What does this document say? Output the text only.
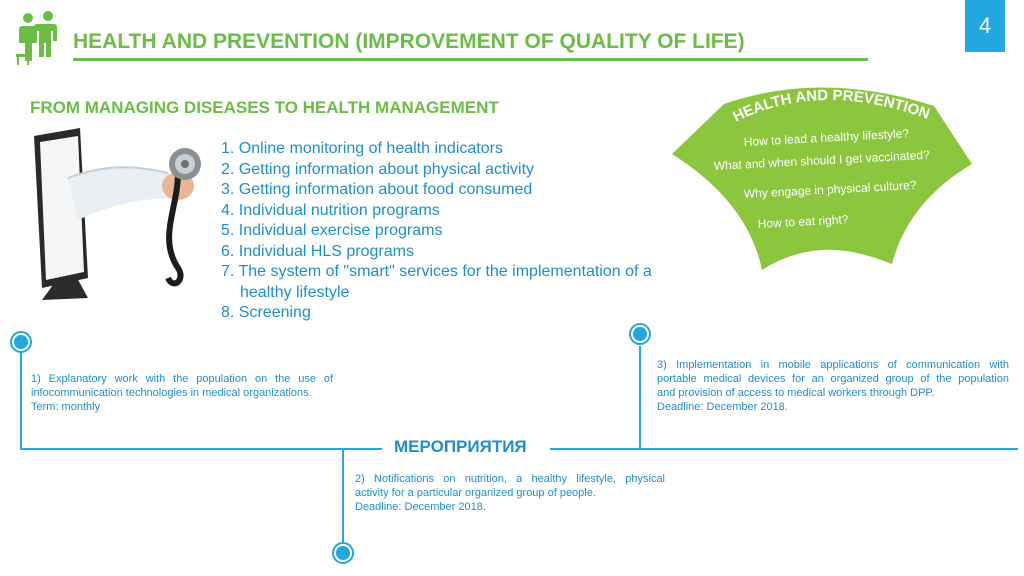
HEALTH AND PREVENTION (IMPROVEMENT OF QUALITY OF LIFE)
4
FROM MANAGING DISEASES TO HEALTH MANAGEMENT
1. Online monitoring of health indicators
2. Getting information about physical activity
3. Getting information about food consumed
4. Individual nutrition programs
5. Individual exercise programs
6. Individual HLS programs
7. The system of "smart" services for the implementation of a healthy lifestyle
8. Screening
HEALTH AND PREVENTION
How to lead a healthy lifestyle?
What and when should I get vaccinated?
Why engage in physical culture?
How to eat right?
МЕРОПРИЯТИЯ
1) Explanatory work with the population on the use of
infocommunication technologies in medical organizations.
Term: monthly
2) Notifications on nutrition, a healthy lifestyle, physical
activity for a particular organized group of people.
Deadline: December 2018.
3) Implementation in mobile applications of communication with
portable medical devices for an organized group of the population
and provision of access to medical workers through DPP.
Deadline: December 2018.
